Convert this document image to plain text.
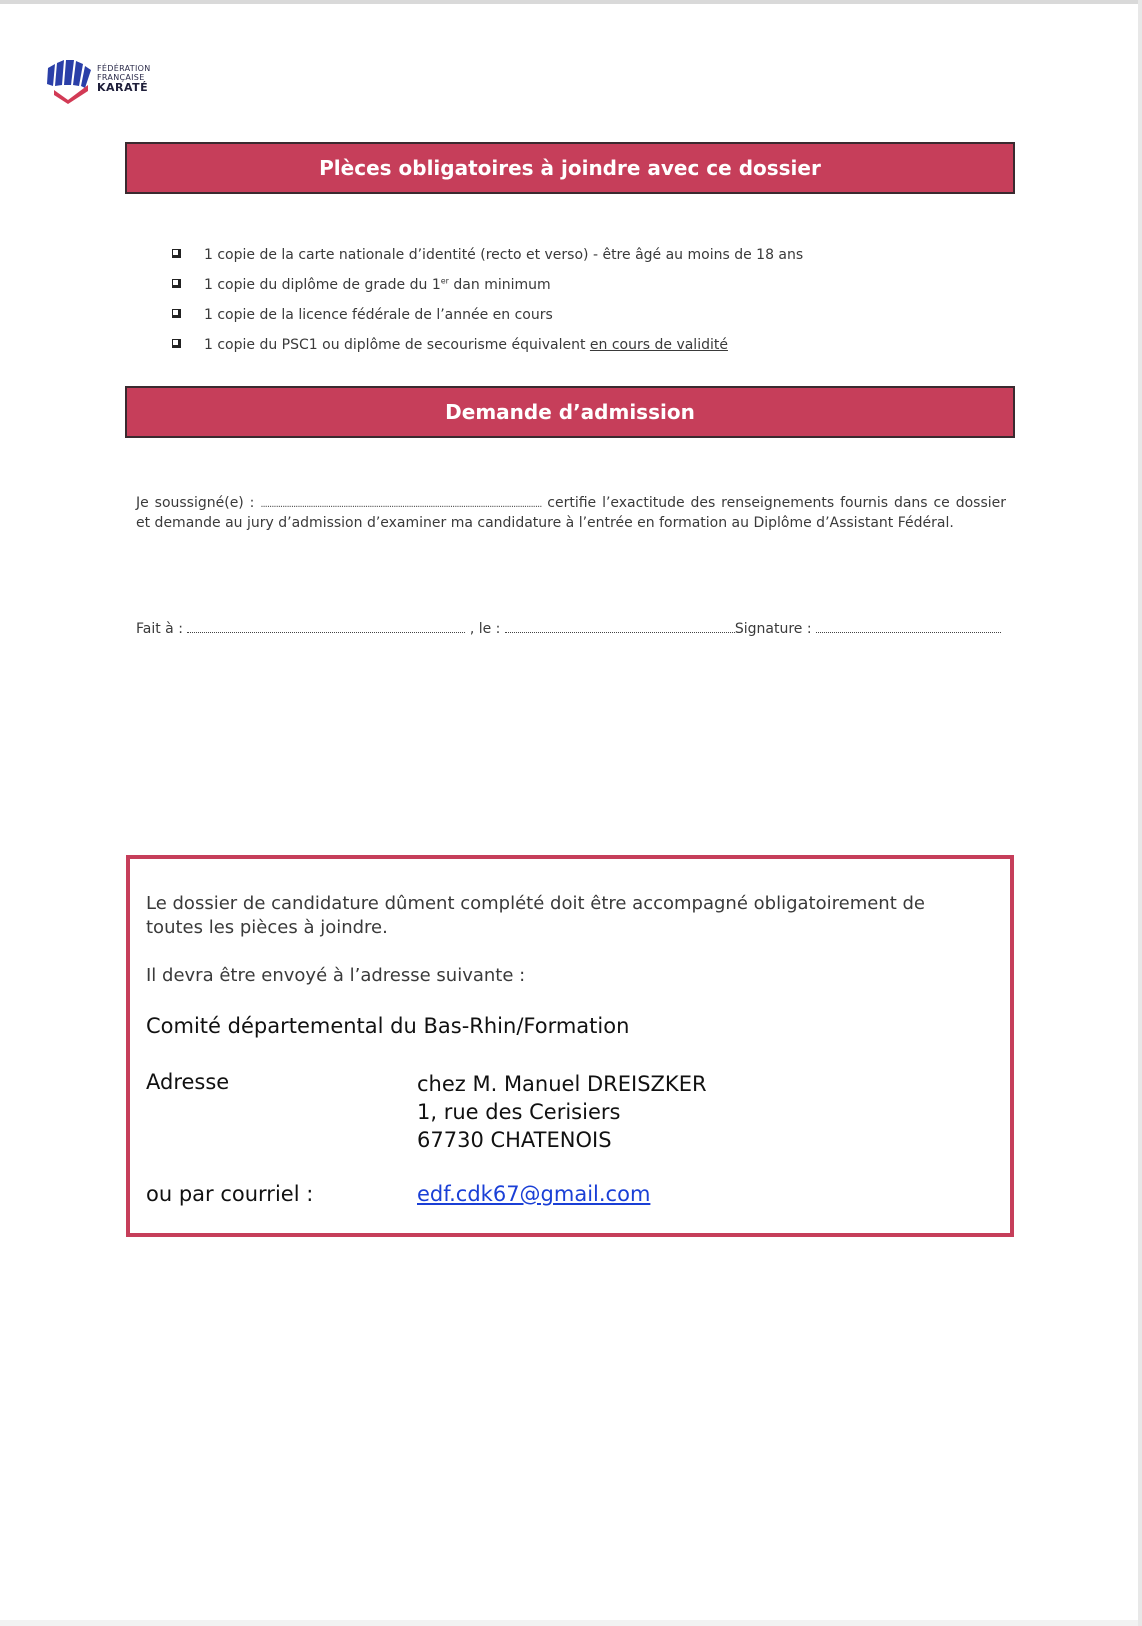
FÉDÉRATION
FRANÇAISE
KARATÉ
Plèces obligatoires à joindre avec ce dossier
1 copie de la carte nationale d’identité (recto et verso) - être âgé au moins de 18 ans
1 copie du diplôme de grade du 1er dan minimum
1 copie de la licence fédérale de l’année en cours
1 copie du PSC1 ou diplôme de secourisme équivalent en cours de validité
Demande d’admission

Je soussigné(e) : ................................................................................................................................. certifie l’exactitude des renseignements fournis dans ce dossier et demande au jury d’admission d’examiner ma candidature à l’entrée en formation au Diplôme d’Assistant Fédéral.

Fait à :	, le :	Signature :

Le dossier de candidature dûment complété doit être accompagné obligatoirement de toutes les pièces à joindre.

Il devra être envoyé à l’adresse suivante :

Comité départemental du Bas-Rhin/Formation

Adresse	chez M. Manuel DREISZKER
1, rue des Cerisiers
67730 CHATENOIS
ou par courriel :	edf.cdk67@gmail.com
